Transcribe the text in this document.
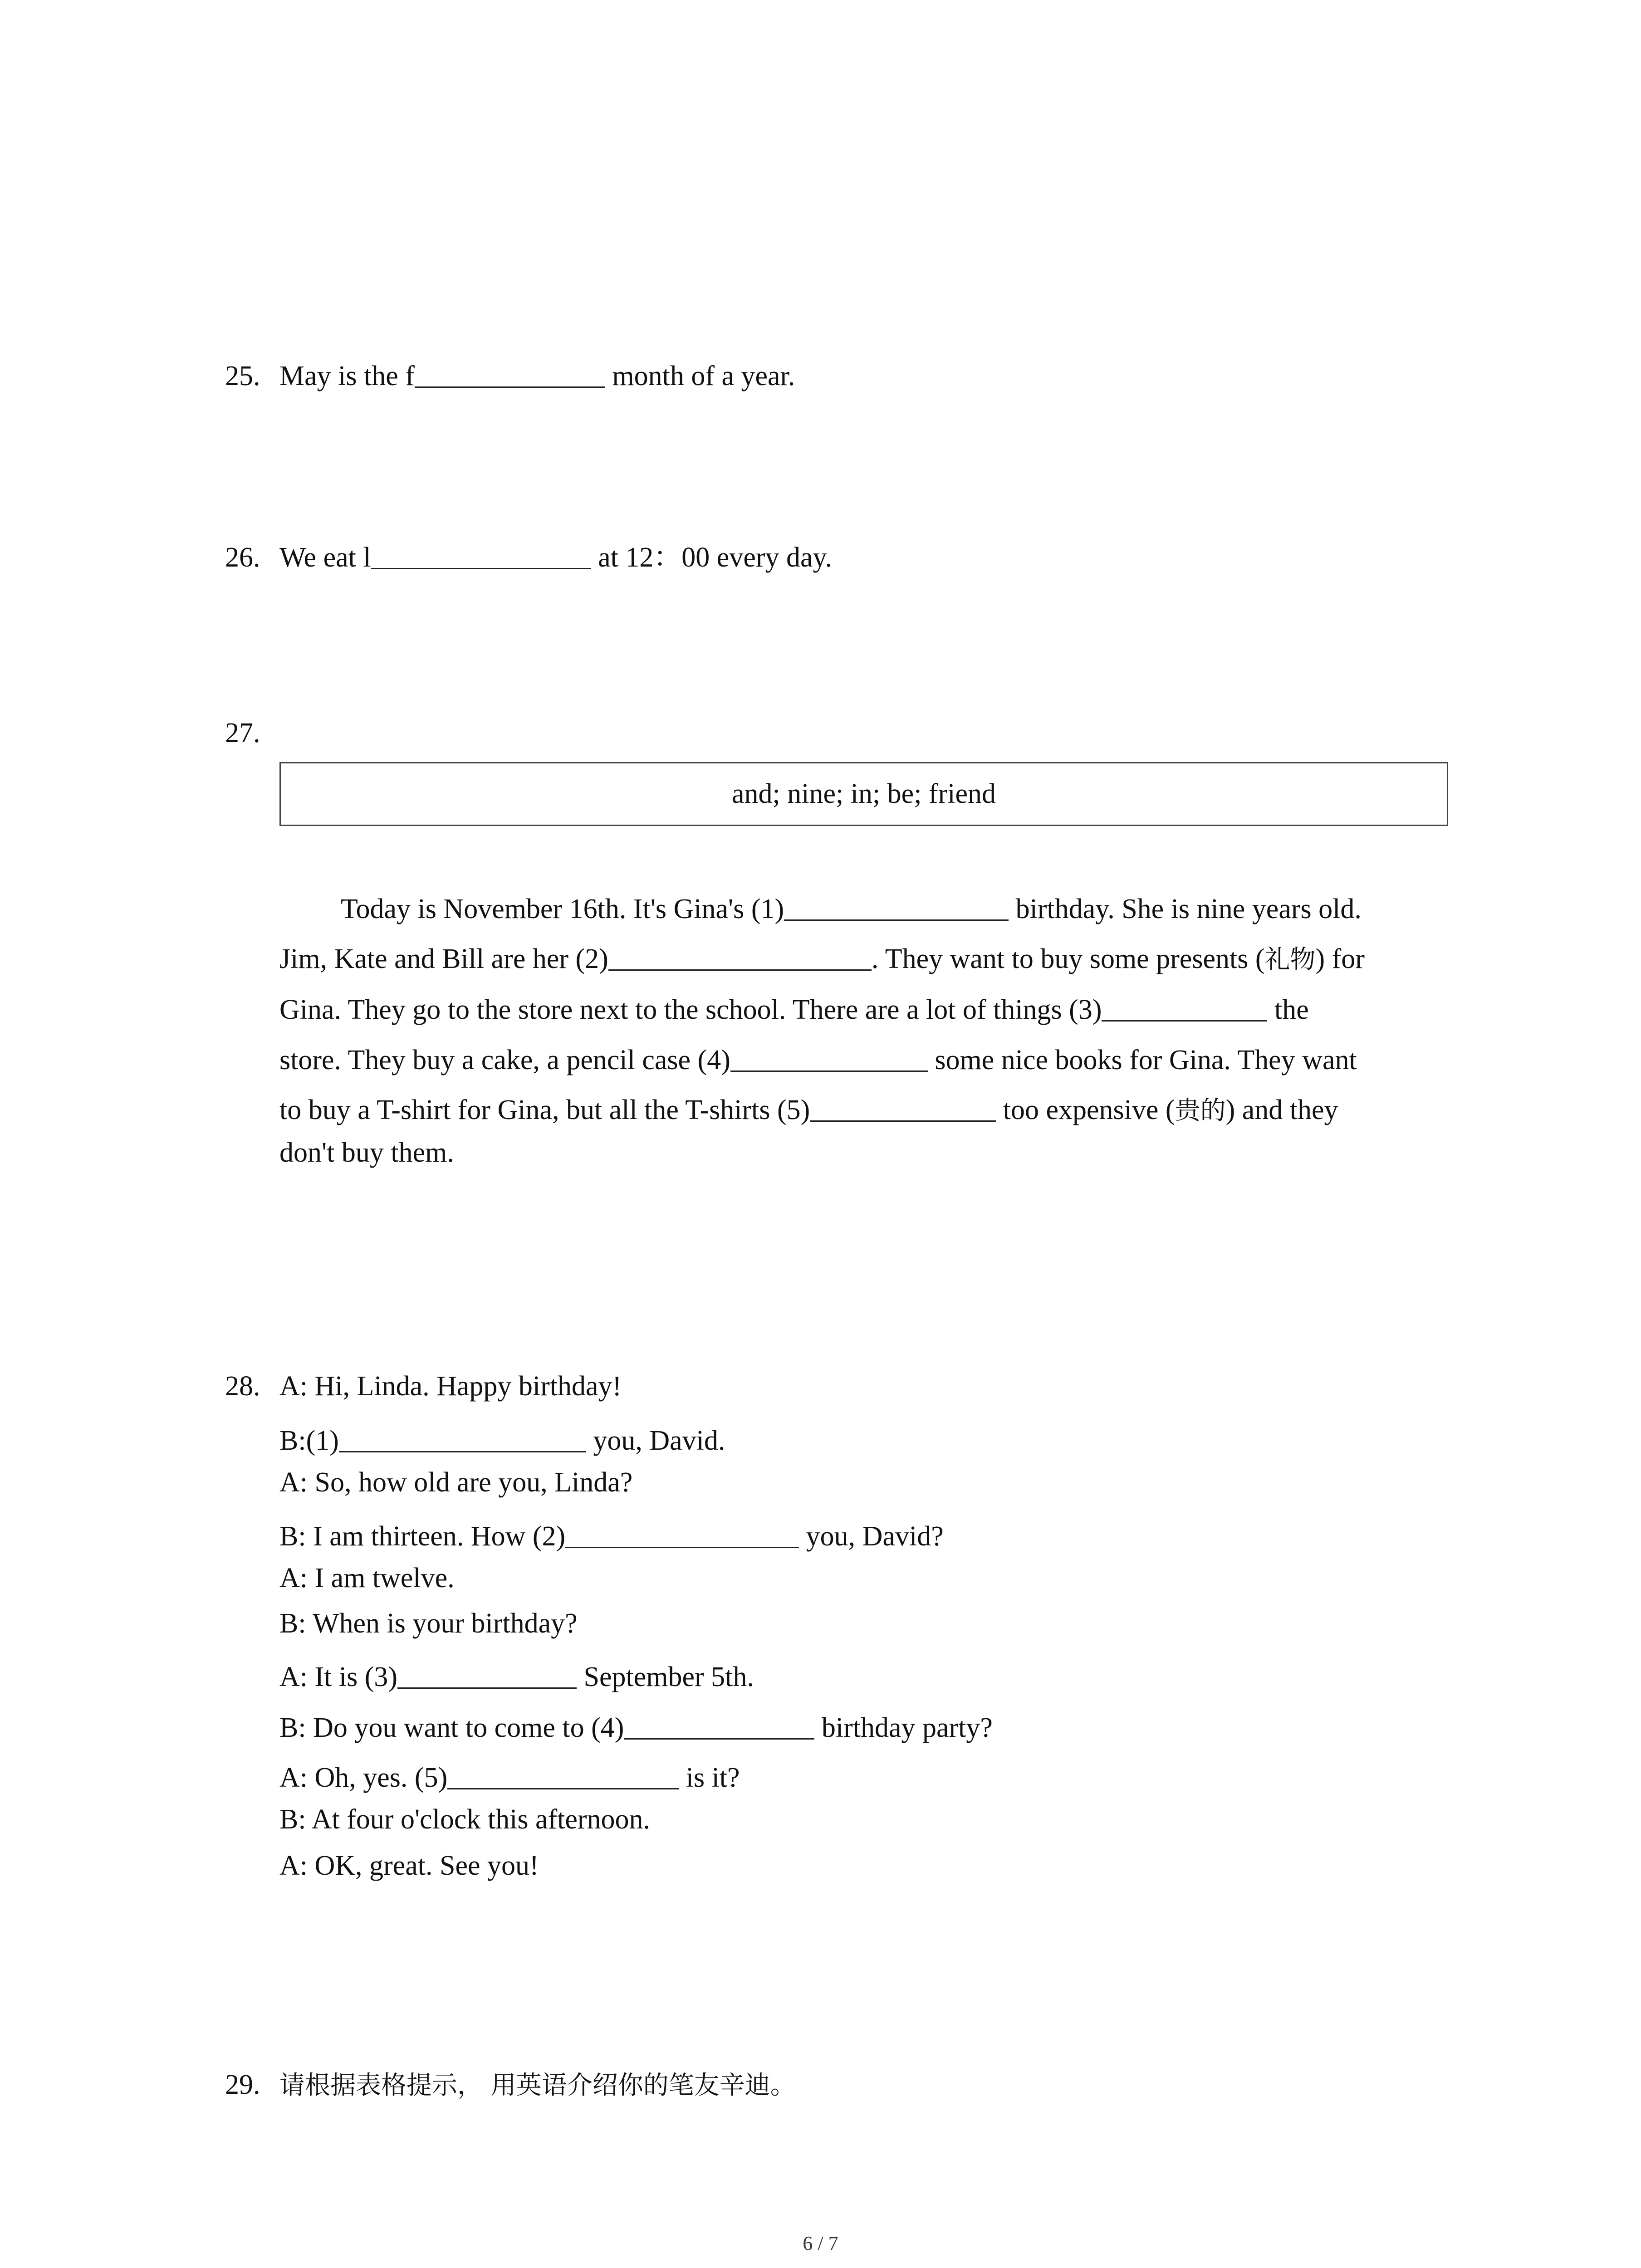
25. May is the f	month of a year.
26. We eat l	at 12：00 every day.
27.
and; nine; in; be; friend
Today is November 16th. It's Gina's (1)	birthday. She is nine years old.
Jim, Kate and Bill are her (2)	. They want to buy some presents (礼物) for
Gina. They go to the store next to the school. There are a lot of things (3)	the
store. They buy a cake, a pencil case (4)	some nice books for Gina. They want
to buy a T-shirt for Gina, but all the T-shirts (5)	too expensive (贵的) and they
don't buy them.
28. A: Hi, Linda. Happy birthday!
B:(1)	you, David.
A: So, how old are you, Linda?
B: I am thirteen. How (2)	you, David?
A: I am twelve.
B: When is your birthday?
A: It is (3)	September 5th.
B: Do you want to come to (4)	birthday party?
A: Oh, yes. (5)	is it?
B: At four o'clock this afternoon.
A: OK, great. See you!
29. 请根据表格提示， 用英语介绍你的笔友辛迪。
6 / 7
